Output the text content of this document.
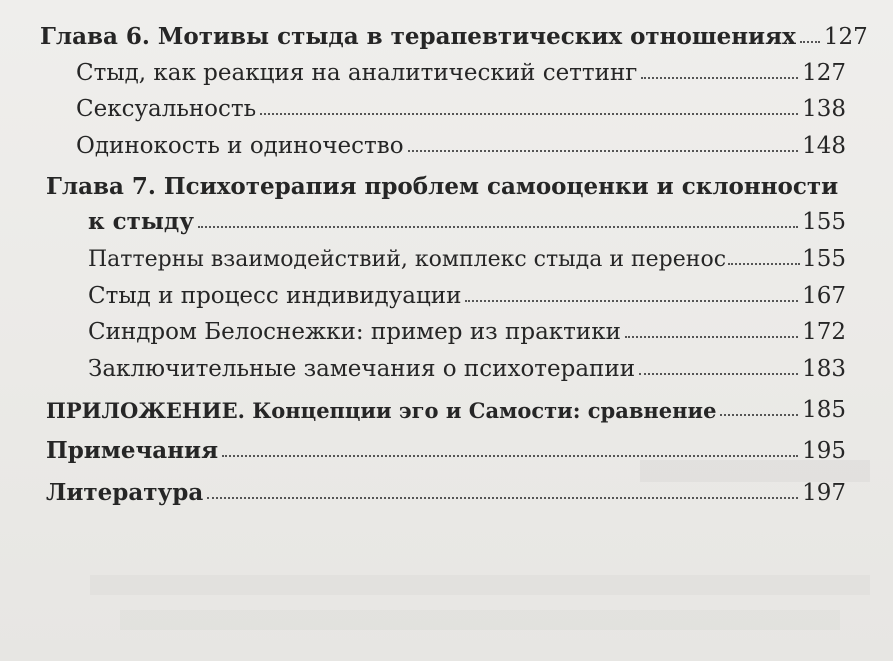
Глава 6. Мотивы стыда в терапевтических отношениях 127
Стыд, как реакция на аналитический сеттинг	127
Сексуальность	138
Одинокость и одиночество	148
Глава 7. Психотерапия проблем самооценки и склонности
к стыду	155
Паттерны взаимодействий, комплекс стыда и перенос	155
Стыд и процесс индивидуации	167
Синдром Белоснежки: пример из практики	172
Заключительные замечания о психотерапии	183
ПРИЛОЖЕНИЕ. Концепции эго и Самости: сравнение	185
Примечания	195
Литература	197
